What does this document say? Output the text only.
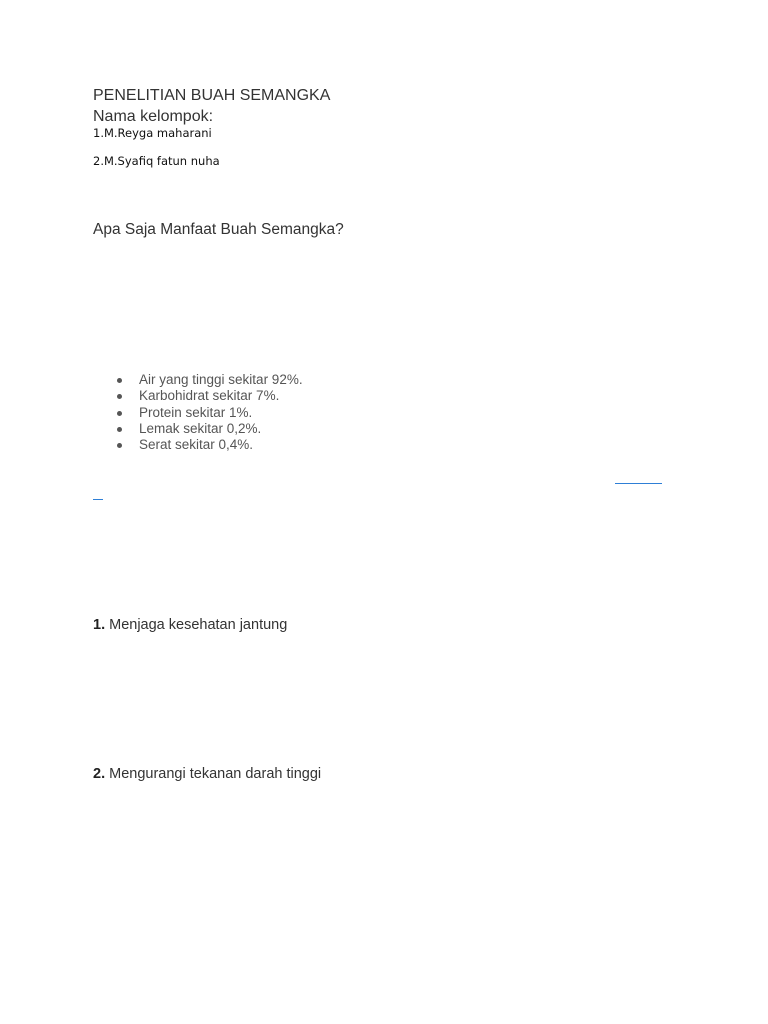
PENELITIAN BUAH SEMANGKA
Nama kelompok:
1.M.Reyga maharani
2.M.Syafiq fatun nuha
Apa Saja Manfaat Buah Semangka?
Air yang tinggi sekitar 92%.
Karbohidrat sekitar 7%.
Protein sekitar 1%.
Lemak sekitar 0,2%.
Serat sekitar 0,4%.
1. Menjaga kesehatan jantung
2. Mengurangi tekanan darah tinggi
